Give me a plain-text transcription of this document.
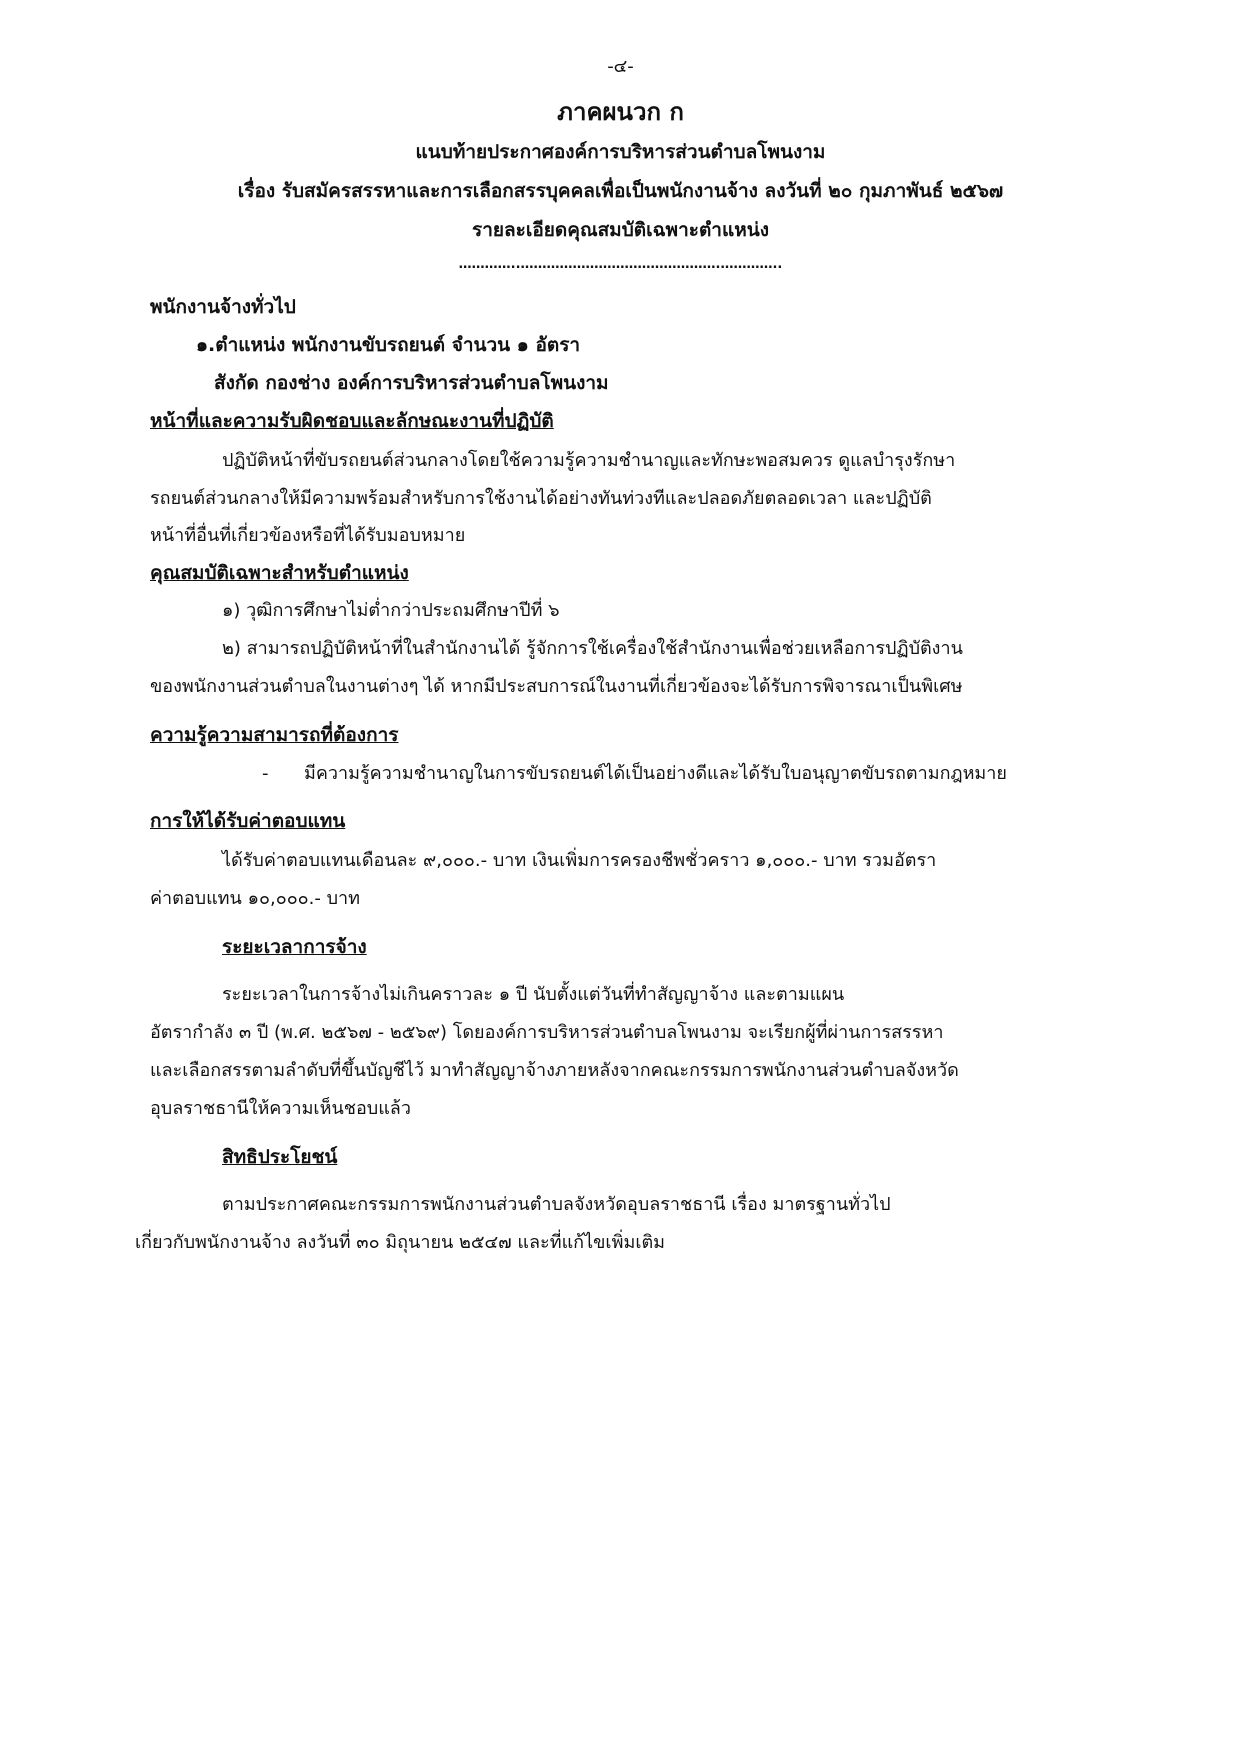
-๔-
ภาคผนวก ก
แนบท้ายประกาศองค์การบริหารส่วนตำบลโพนงาม
เรื่อง รับสมัครสรรหาและการเลือกสรรบุคคลเพื่อเป็นพนักงานจ้าง ลงวันที่ ๒๐ กุมภาพันธ์ ๒๕๖๗
รายละเอียดคุณสมบัติเฉพาะตำแหน่ง
…………..……………………………………….…………..
พนักงานจ้างทั่วไป
๑.ตำแหน่ง พนักงานขับรถยนต์ จำนวน ๑ อัตรา
สังกัด กองช่าง องค์การบริหารส่วนตำบลโพนงาม
หน้าที่และความรับผิดชอบและลักษณะงานที่ปฏิบัติ
ปฏิบัติหน้าที่ขับรถยนต์ส่วนกลางโดยใช้ความรู้ความชำนาญและทักษะพอสมควร ดูแลบำรุงรักษา
รถยนต์ส่วนกลางให้มีความพร้อมสำหรับการใช้งานได้อย่างทันท่วงทีและปลอดภัยตลอดเวลา และปฏิบัติ
หน้าที่อื่นที่เกี่ยวข้องหรือที่ได้รับมอบหมาย
คุณสมบัติเฉพาะสำหรับตำแหน่ง
๑) วุฒิการศึกษาไม่ต่ำกว่าประถมศึกษาปีที่ ๖
๒) สามารถปฏิบัติหน้าที่ในสำนักงานได้ รู้จักการใช้เครื่องใช้สำนักงานเพื่อช่วยเหลือการปฏิบัติงาน
ของพนักงานส่วนตำบลในงานต่างๆ ได้ หากมีประสบการณ์ในงานที่เกี่ยวข้องจะได้รับการพิจารณาเป็นพิเศษ
ความรู้ความสามารถที่ต้องการ
- มีความรู้ความชำนาญในการขับรถยนต์ได้เป็นอย่างดีและได้รับใบอนุญาตขับรถตามกฎหมาย
การให้ได้รับค่าตอบแทน
ได้รับค่าตอบแทนเดือนละ ๙,๐๐๐.- บาท เงินเพิ่มการครองชีพชั่วคราว ๑,๐๐๐.- บาท รวมอัตรา
ค่าตอบแทน ๑๐,๐๐๐.- บาท
ระยะเวลาการจ้าง
ระยะเวลาในการจ้างไม่เกินคราวละ ๑ ปี นับตั้งแต่วันที่ทำสัญญาจ้าง และตามแผน
อัตรากำลัง ๓ ปี (พ.ศ. ๒๕๖๗ - ๒๕๖๙) โดยองค์การบริหารส่วนตำบลโพนงาม จะเรียกผู้ที่ผ่านการสรรหา
และเลือกสรรตามลำดับที่ขึ้นบัญชีไว้ มาทำสัญญาจ้างภายหลังจากคณะกรรมการพนักงานส่วนตำบลจังหวัด
อุบลราชธานีให้ความเห็นชอบแล้ว
สิทธิประโยชน์
ตามประกาศคณะกรรมการพนักงานส่วนตำบลจังหวัดอุบลราชธานี เรื่อง มาตรฐานทั่วไป
เกี่ยวกับพนักงานจ้าง ลงวันที่ ๓๐ มิถุนายน ๒๕๔๗ และที่แก้ไขเพิ่มเติม
